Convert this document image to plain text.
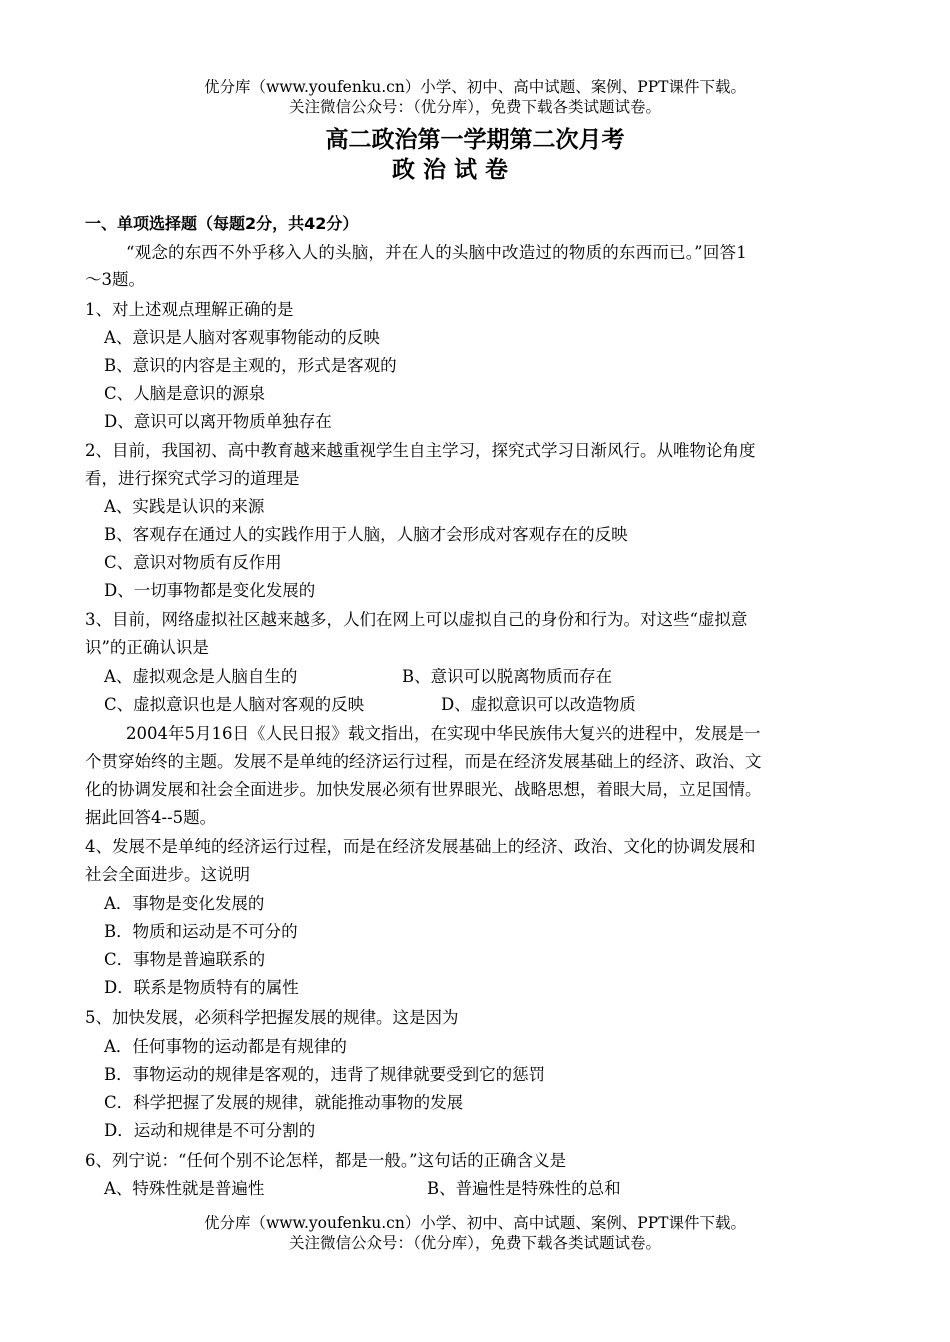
优分库（www.youfenku.cn）小学、初中、高中试题、案例、PPT课件下载。
关注微信公众号：（优分库），免费下载各类试题试卷。
高二政治第一学期第二次月考
政 治 试 卷
一、单项选择题（每题2分，共42分）
“观念的东西不外乎移入人的头脑，并在人的头脑中改造过的物质的东西而已。”回答1
～3题。
1、对上述观点理解正确的是
A、意识是人脑对客观事物能动的反映
B、意识的内容是主观的，形式是客观的
C、人脑是意识的源泉
D、意识可以离开物质单独存在
2、目前，我国初、高中教育越来越重视学生自主学习，探究式学习日渐风行。从唯物论角度
看，进行探究式学习的道理是
A、实践是认识的来源
B、客观存在通过人的实践作用于人脑，人脑才会形成对客观存在的反映
C、意识对物质有反作用
D、一切事物都是变化发展的
3、目前，网络虚拟社区越来越多，人们在网上可以虚拟自己的身份和行为。对这些“虚拟意
识”的正确认识是
A、虚拟观念是人脑自生的	B、意识可以脱离物质而存在
C、虚拟意识也是人脑对客观的反映	D、虚拟意识可以改造物质
2004年5月16日《人民日报》载文指出，在实现中华民族伟大复兴的进程中，发展是一
个贯穿始终的主题。发展不是单纯的经济运行过程，而是在经济发展基础上的经济、政治、文
化的协调发展和社会全面进步。加快发展必须有世界眼光、战略思想，着眼大局，立足国情。
据此回答4--5题。
4、发展不是单纯的经济运行过程，而是在经济发展基础上的经济、政治、文化的协调发展和
社会全面进步。这说明
A．事物是变化发展的
B．物质和运动是不可分的
C．事物是普遍联系的
D．联系是物质特有的属性
5、加快发展，必须科学把握发展的规律。这是因为
A．任何事物的运动都是有规律的
B．事物运动的规律是客观的，违背了规律就要受到它的惩罚
C．科学把握了发展的规律，就能推动事物的发展
D．运动和规律是不可分割的
6、列宁说：“任何个别不论怎样，都是一般。”这句话的正确含义是
A、特殊性就是普遍性	B、普遍性是特殊性的总和
优分库（www.youfenku.cn）小学、初中、高中试题、案例、PPT课件下载。
关注微信公众号：（优分库），免费下载各类试题试卷。
